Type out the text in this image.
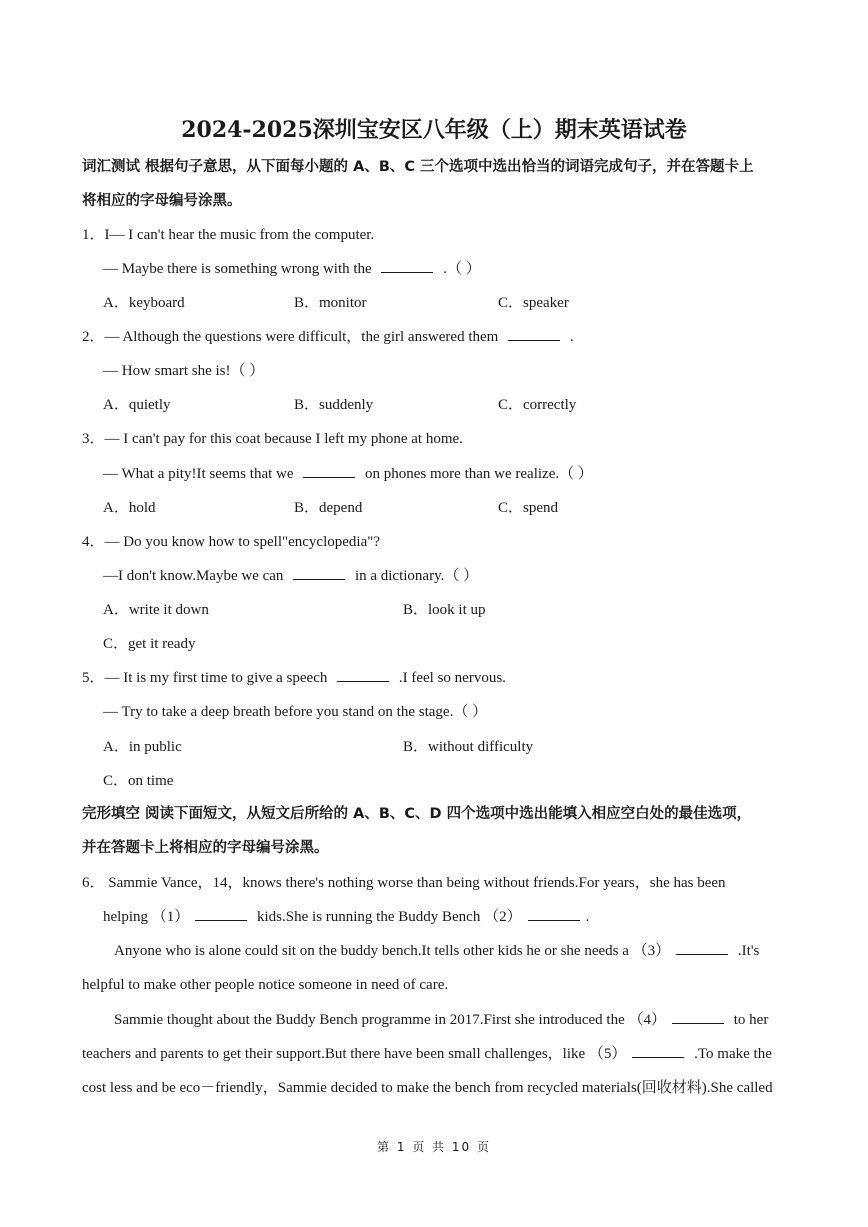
2024-2025深圳宝安区八年级（上）期末英语试卷
词汇测试 根据句子意思，从下面每小题的 A、B、C 三个选项中选出恰当的词语完成句子，并在答题卡上
将相应的字母编号涂黑。
1．I— I can't hear the music from the computer.
— Maybe there is something wrong with the	.（ ）
A．keyboard	B．monitor	C．speaker
2．— Although the questions were difficult，the girl answered them	.
— How smart she is!（ ）
A．quietly	B．suddenly	C．correctly
3．— I can't pay for this coat because I left my phone at home.
— What a pity!It seems that we	on phones more than we realize.（ ）
A．hold	B．depend	C．spend
4．— Do you know how to spell"encyclopedia"?
—I don't know.Maybe we can	in a dictionary.（ ）
A．write it down	B．look it up
C．get it ready
5．— It is my first time to give a speech	.I feel so nervous.
— Try to take a deep breath before you stand on the stage.（ ）
A．in public	B．without difficulty
C．on time
完形填空 阅读下面短文，从短文后所给的 A、B、C、D 四个选项中选出能填入相应空白处的最佳选项，
并在答题卡上将相应的字母编号涂黑。
6． Sammie Vance，14，knows there's nothing worse than being without friends.For years，she has been
helping （1）	kids.She is running the Buddy Bench （2）	.
Anyone who is alone could sit on the buddy bench.It tells other kids he or she needs a （3）	.It's
helpful to make other people notice someone in need of care.
Sammie thought about the Buddy Bench programme in 2017.First she introduced the （4）	to her
teachers and parents to get their support.But there have been small challenges，like （5）	.To make the
cost less and be eco－friendly，Sammie decided to make the bench from recycled materials(回收材料).She called
第 1 页 共 10 页
